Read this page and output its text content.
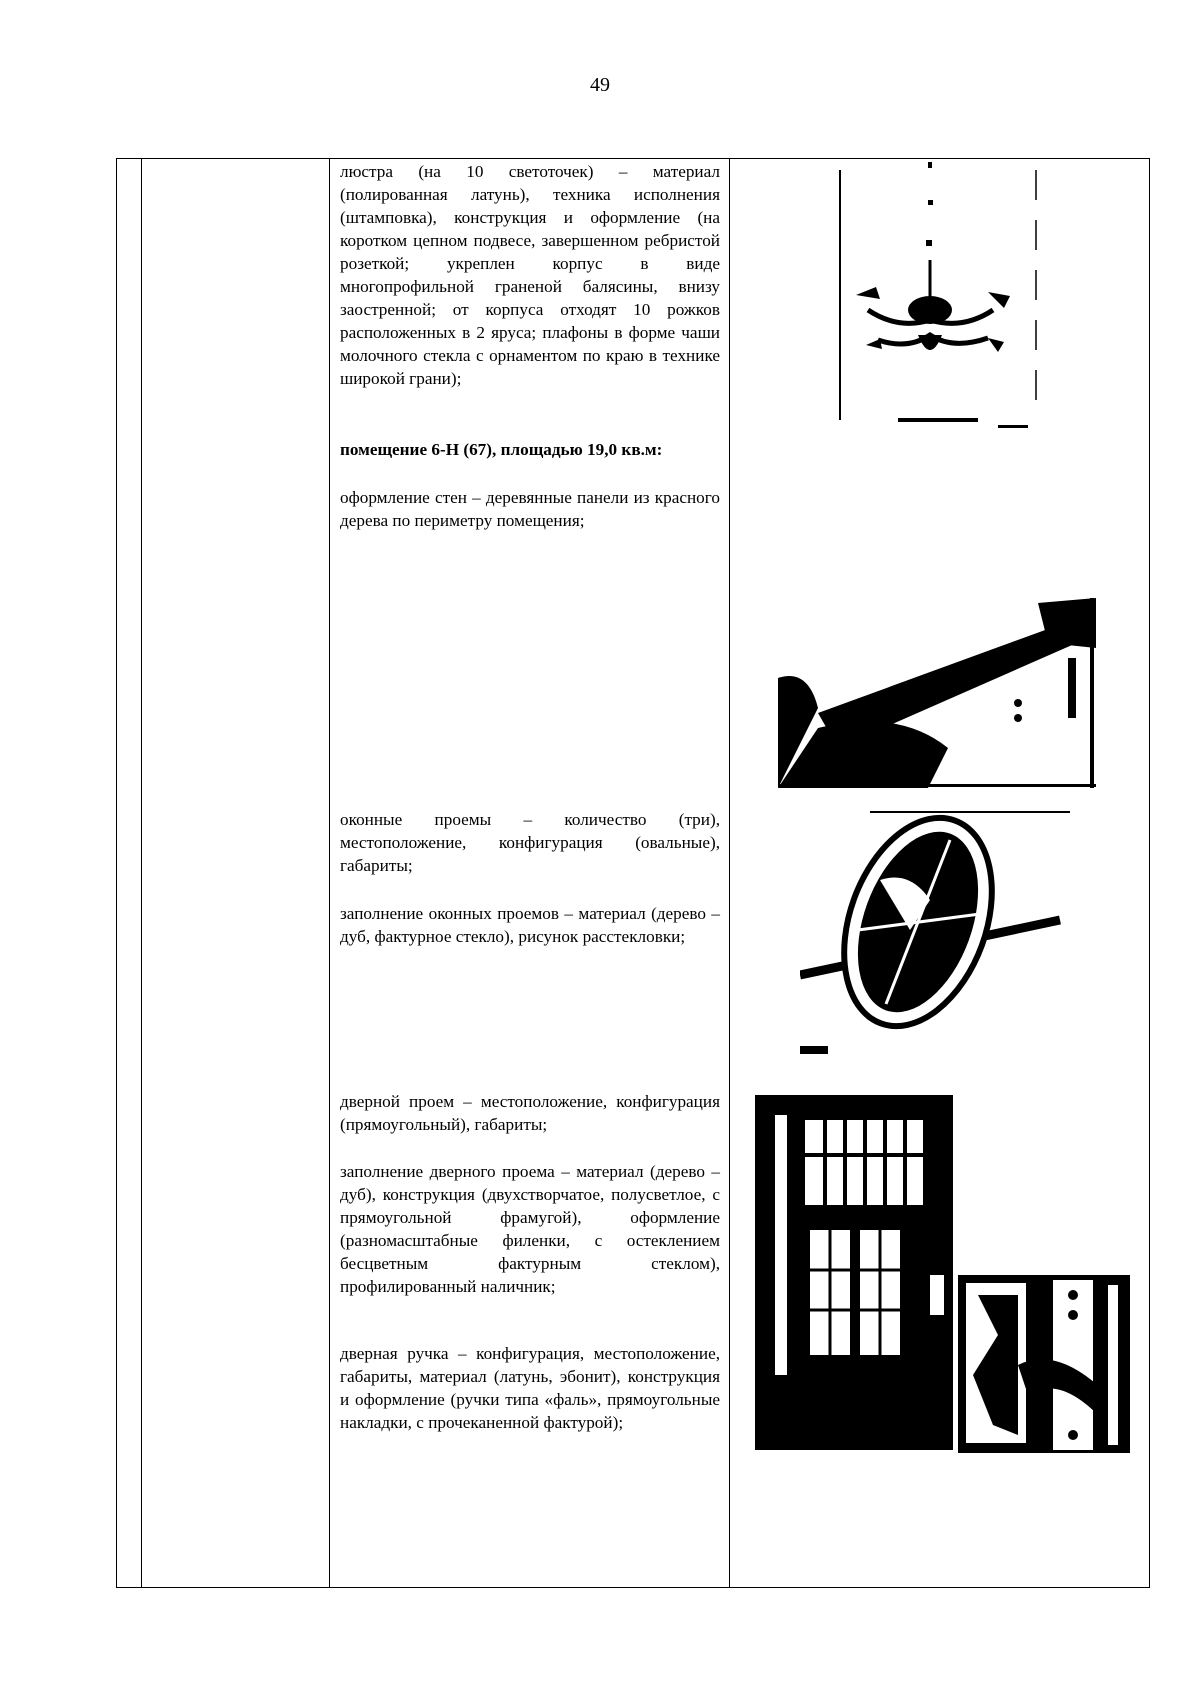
49

люстра (на 10 светоточек) – материал (полированная латунь), техника исполнения (штамповка), конструкция и оформление (на коротком цепном подвесе, завершенном ребристой розеткой; укреплен корпус в виде многопрофильной граненой балясины, внизу заостренной; от корпуса отходят 10 рожков расположенных в 2 яруса; плафоны в форме чаши молочного стекла с орнаментом по краю в технике широкой грани);

помещение 6-Н (67), площадью 19,0 кв.м:

оформление стен – деревянные панели из красного дерева по периметру помещения;

оконные проемы – количество (три), местоположение, конфигурация (овальные), габариты;

заполнение оконных проемов – материал (дерево – дуб, фактурное стекло), рисунок расстекловки;

дверной проем – местоположение, конфигурация (прямоугольный), габариты;

заполнение дверного проема – материал (дерево – дуб), конструкция (двухстворчатое, полусветлое, с прямоугольной фрамугой), оформление (разномасштабные филенки, с остеклением бесцветным фактурным стеклом), профилированный наличник;

дверная ручка – конфигурация, местоположение, габариты, материал (латунь, эбонит), конструкция и оформление (ручки типа «фаль», прямоугольные накладки, с прочеканенной фактурой);
